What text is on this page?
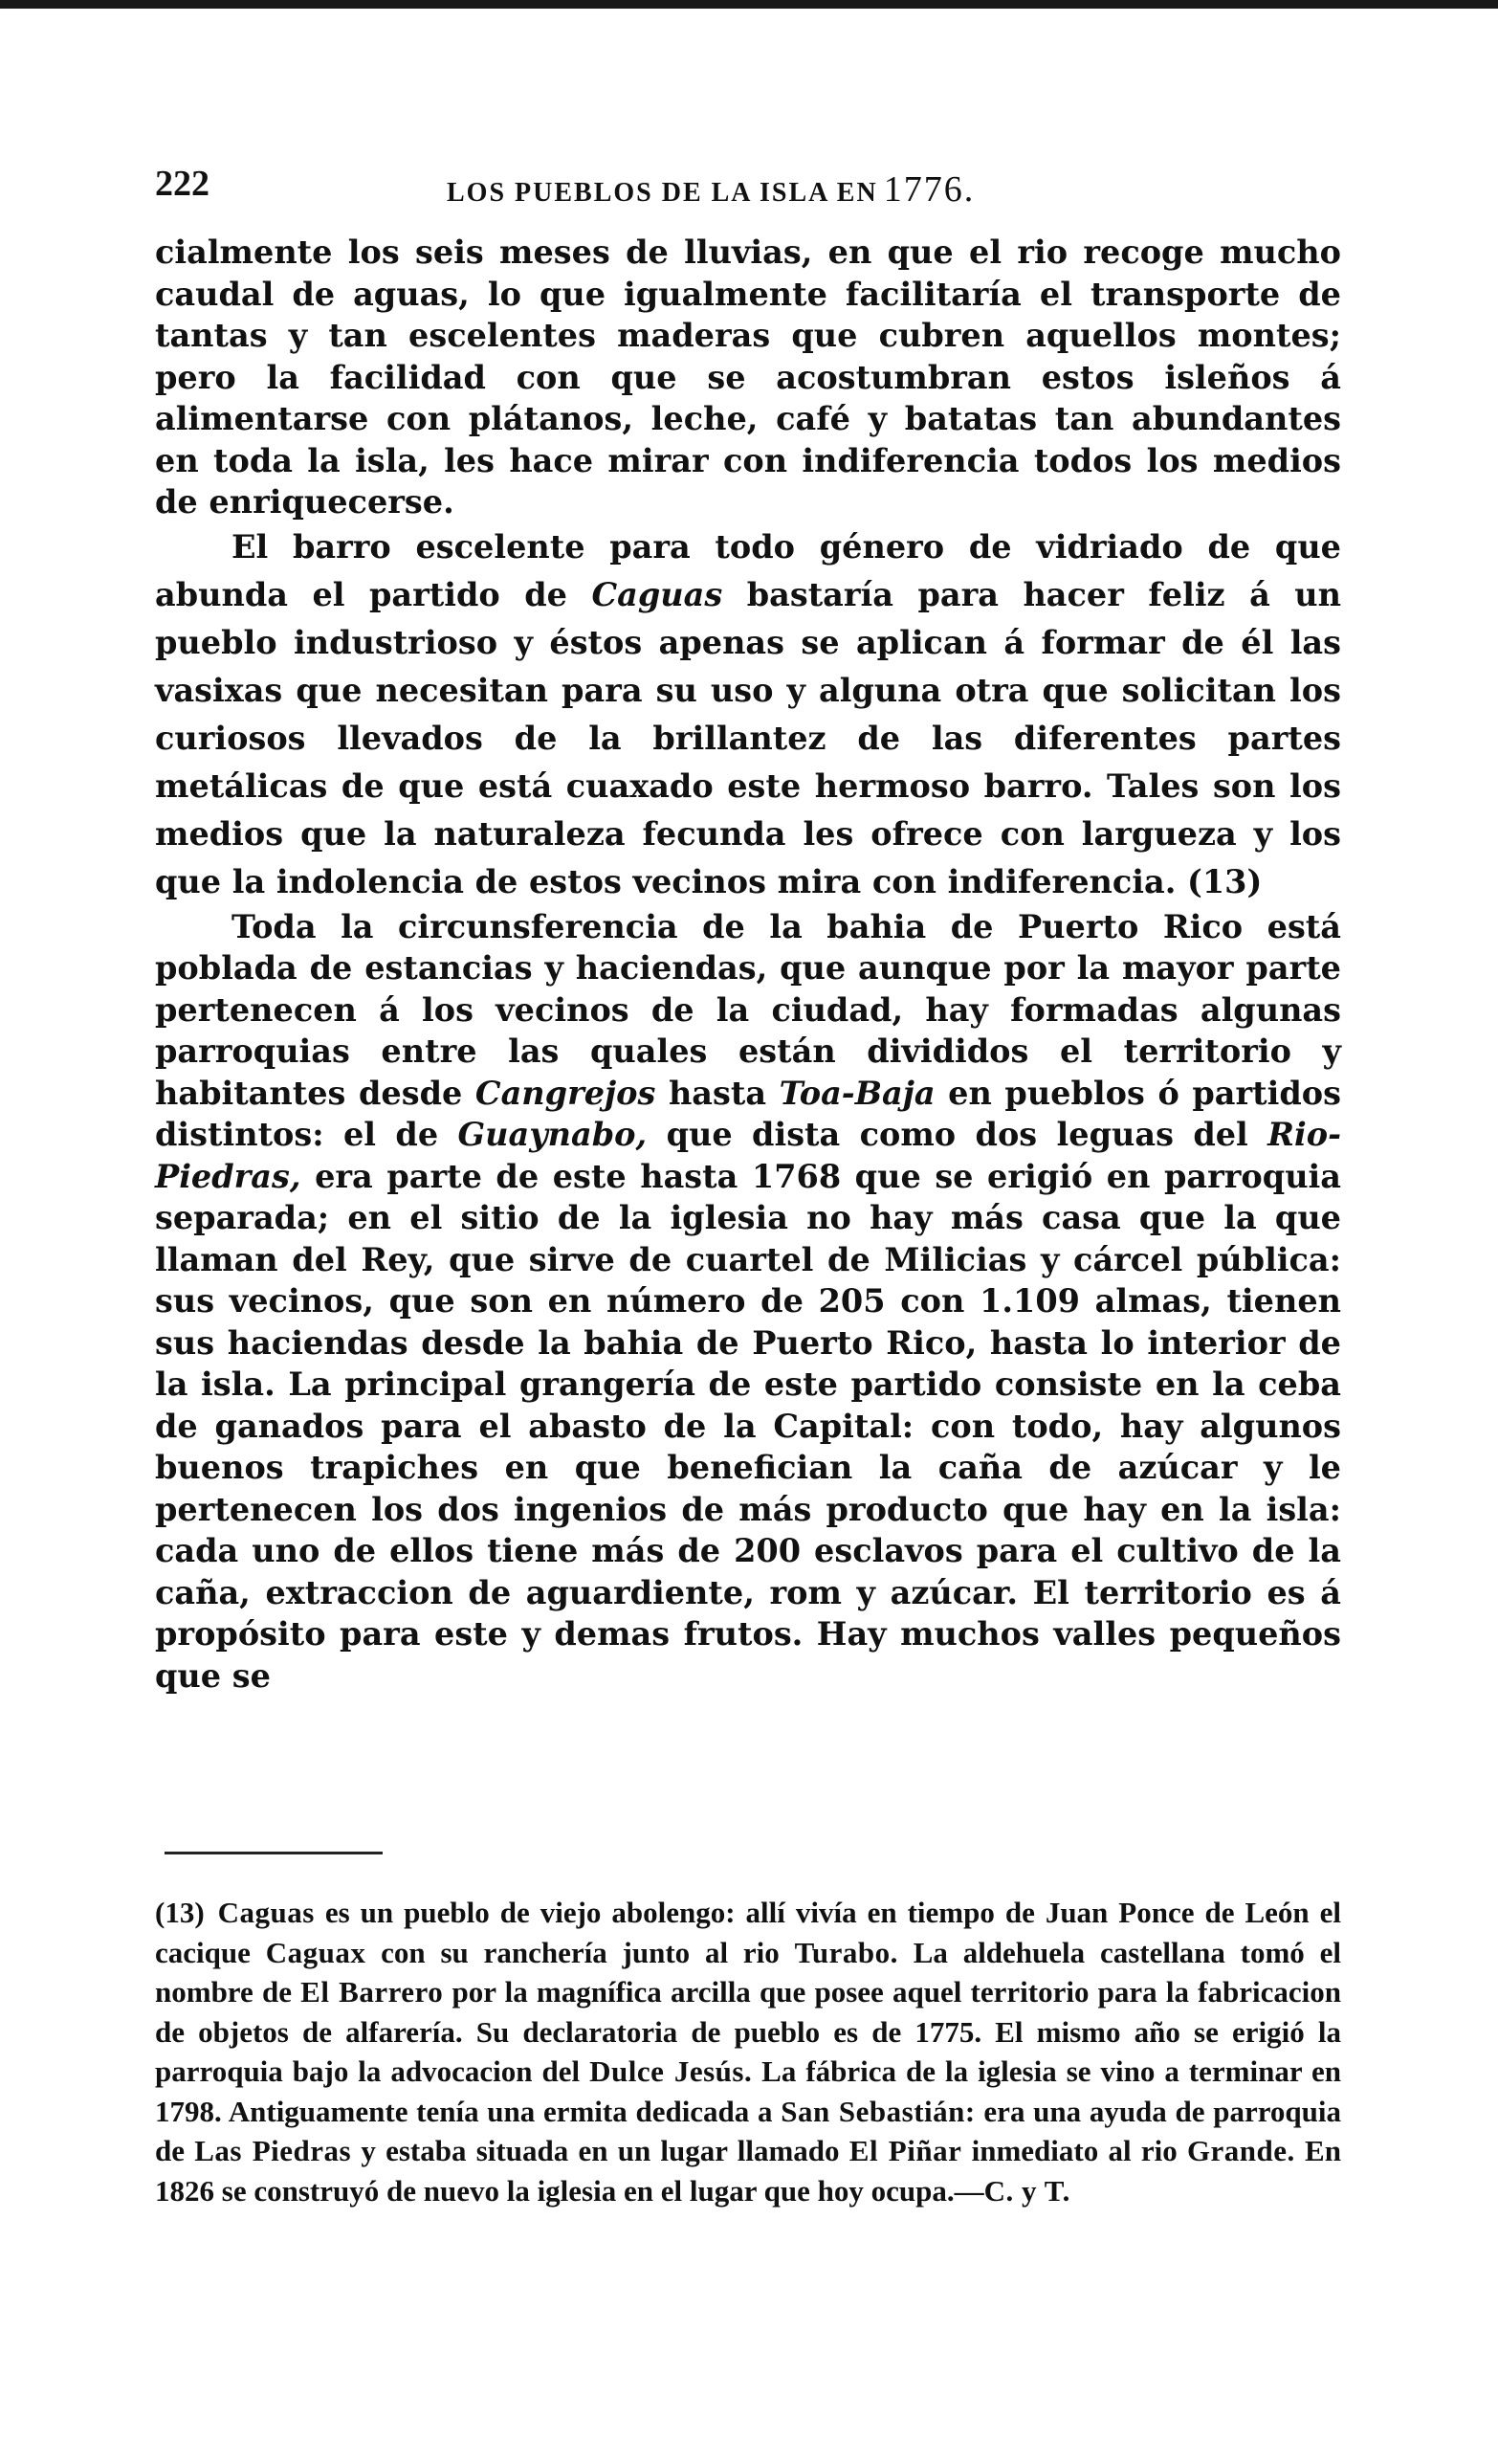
222	LOS PUEBLOS DE LA ISLA EN 1776.

cialmente los seis meses de lluvias, en que el rio recoge mucho caudal de aguas, lo que igualmente facilitaría el transporte de tantas y tan escelentes maderas que cubren aquellos montes; pero la facilidad con que se acostumbran estos isleños á alimentarse con plátanos, leche, café y batatas tan abundantes en toda la isla, les hace mirar con indiferencia todos los medios de enriquecerse.

El barro escelente para todo género de vidriado de que abunda el partido de Caguas bastaría para hacer feliz á un pueblo industrioso y éstos apenas se aplican á formar de él las vasixas que necesitan para su uso y alguna otra que solicitan los curiosos llevados de la brillantez de las diferentes partes metálicas de que está cuaxado este hermoso barro. Tales son los medios que la naturaleza fecunda les ofrece con largueza y los que la indolencia de estos vecinos mira con indiferencia. (13)

Toda la circunsferencia de la bahia de Puerto Rico está poblada de estancias y haciendas, que aunque por la mayor parte pertenecen á los vecinos de la ciudad, hay formadas algunas parroquias entre las quales están divididos el territorio y habitantes desde Cangrejos hasta Toa-Baja en pueblos ó partidos distintos: el de Guaynabo, que dista como dos leguas del Rio-Piedras, era parte de este hasta 1768 que se erigió en parroquia separada; en el sitio de la iglesia no hay más casa que la que llaman del Rey, que sirve de cuartel de Milicias y cárcel pública: sus vecinos, que son en número de 205 con 1.109 almas, tienen sus haciendas desde la bahia de Puerto Rico, hasta lo interior de la isla. La principal grangería de este partido consiste en la ceba de ganados para el abasto de la Capital: con todo, hay algunos buenos trapiches en que benefician la caña de azúcar y le pertenecen los dos ingenios de más producto que hay en la isla: cada uno de ellos tiene más de 200 esclavos para el cultivo de la caña, extraccion de aguardiente, rom y azúcar. El territorio es á propósito para este y demas frutos. Hay muchos valles pequeños que se

(13) Caguas es un pueblo de viejo abolengo: allí vivía en tiempo de Juan Ponce de León el cacique Caguax con su ranchería junto al rio Turabo. La aldehuela castellana tomó el nombre de El Barrero por la magnífica arcilla que posee aquel territorio para la fabricacion de objetos de alfarería. Su declaratoria de pueblo es de 1775. El mismo año se erigió la parroquia bajo la advocacion del Dulce Jesús. La fábrica de la iglesia se vino a terminar en 1798. Antiguamente tenía una ermita dedicada a San Sebastián: era una ayuda de parroquia de Las Piedras y estaba situada en un lugar llamado El Piñar inmediato al rio Grande. En 1826 se construyó de nuevo la iglesia en el lugar que hoy ocupa.—C. y T.
